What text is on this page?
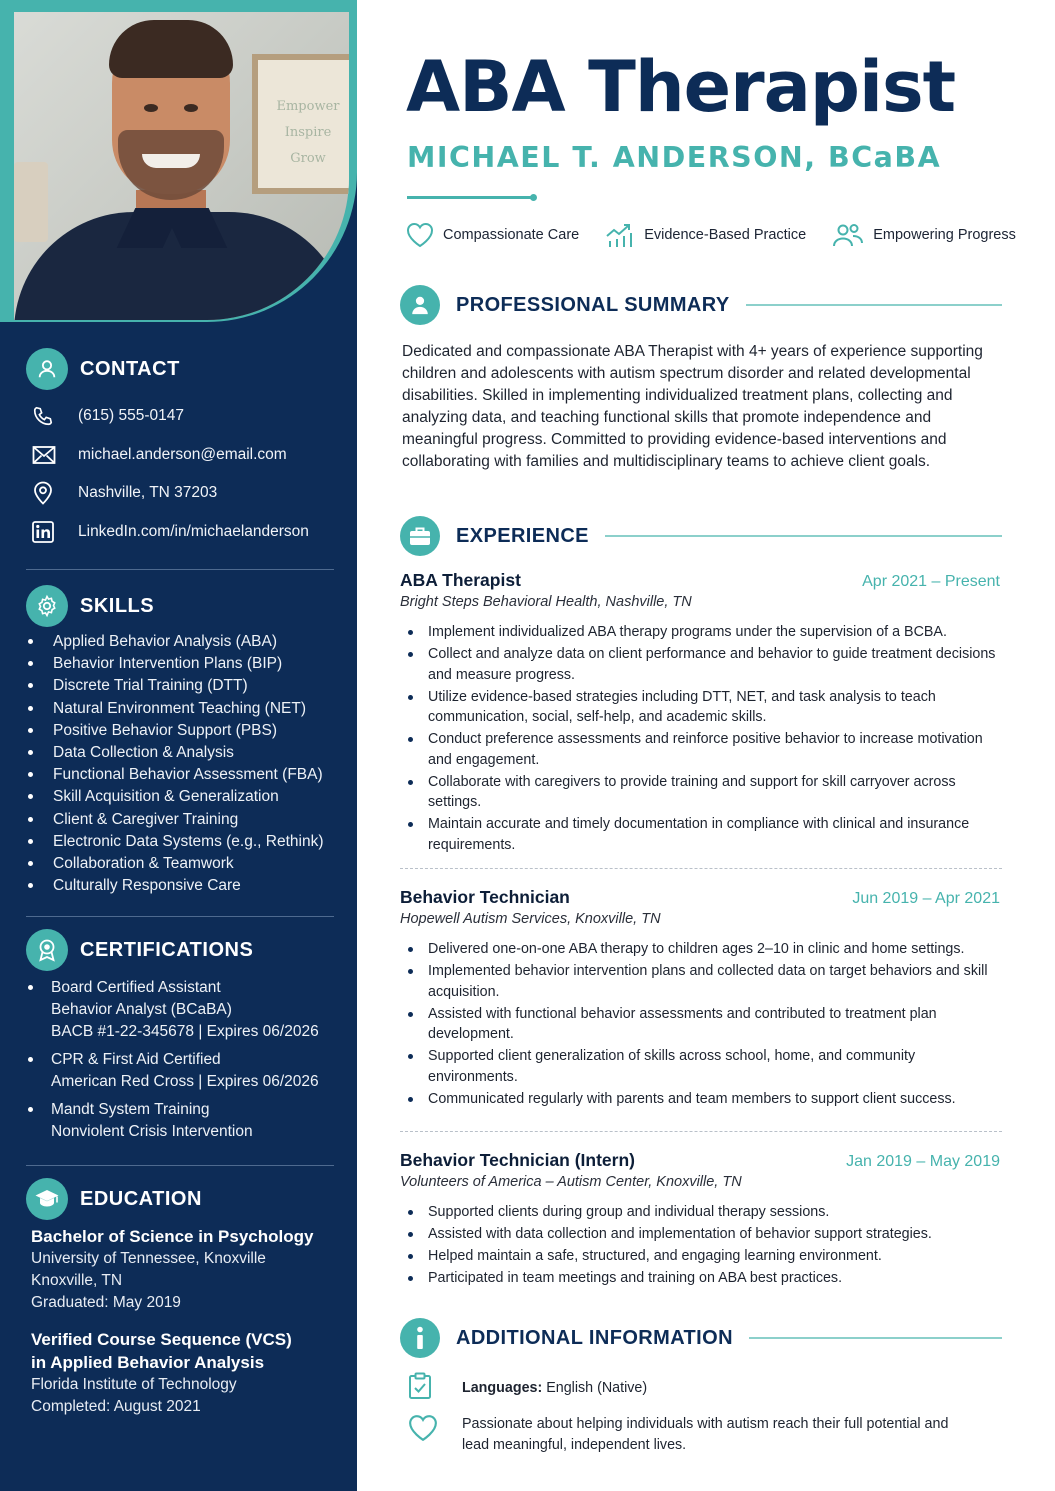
Empower
Inspire
Grow
CONTACT
(615) 555-0147
michael.anderson@email.com
Nashville, TN 37203
LinkedIn.com/in/michaelanderson
SKILLS
Applied Behavior Analysis (ABA)
Behavior Intervention Plans (BIP)
Discrete Trial Training (DTT)
Natural Environment Teaching (NET)
Positive Behavior Support (PBS)
Data Collection & Analysis
Functional Behavior Assessment (FBA)
Skill Acquisition & Generalization
Client & Caregiver Training
Electronic Data Systems (e.g., Rethink)
Collaboration & Teamwork
Culturally Responsive Care
CERTIFICATIONS
Board Certified Assistant
Behavior Analyst (BCaBA)
BACB #1-22-345678 | Expires 06/2026
CPR & First Aid Certified
American Red Cross | Expires 06/2026
Mandt System Training
Nonviolent Crisis Intervention
EDUCATION
Bachelor of Science in Psychology
University of Tennessee, Knoxville
Knoxville, TN
Graduated: May 2019
Verified Course Sequence (VCS)
in Applied Behavior Analysis
Florida Institute of Technology
Completed: August 2021
ABA Therapist
MICHAEL T. ANDERSON, BCaBA
Compassionate Care	Evidence-Based Practice	Empowering Progress
PROFESSIONAL SUMMARY

Dedicated and compassionate ABA Therapist with 4+ years of experience supporting children and adolescents with autism spectrum disorder and related developmental disabilities. Skilled in implementing individualized treatment plans, collecting and analyzing data, and teaching functional skills that promote independence and meaningful progress. Committed to providing evidence-based interventions and collaborating with families and multidisciplinary teams to achieve client goals.

EXPERIENCE
ABA Therapist	Apr 2021 – Present
Bright Steps Behavioral Health, Nashville, TN
Implement individualized ABA therapy programs under the supervision of a BCBA.
Collect and analyze data on client performance and behavior to guide treatment decisions and measure progress.
Utilize evidence-based strategies including DTT, NET, and task analysis to teach communication, social, self-help, and academic skills.
Conduct preference assessments and reinforce positive behavior to increase motivation and engagement.
Collaborate with caregivers to provide training and support for skill carryover across settings.
Maintain accurate and timely documentation in compliance with clinical and insurance requirements.
Behavior Technician	Jun 2019 – Apr 2021
Hopewell Autism Services, Knoxville, TN
Delivered one-on-one ABA therapy to children ages 2–10 in clinic and home settings.
Implemented behavior intervention plans and collected data on target behaviors and skill acquisition.
Assisted with functional behavior assessments and contributed to treatment plan development.
Supported client generalization of skills across school, home, and community environments.
Communicated regularly with parents and team members to support client success.
Behavior Technician (Intern)	Jan 2019 – May 2019
Volunteers of America – Autism Center, Knoxville, TN
Supported clients during group and individual therapy sessions.
Assisted with data collection and implementation of behavior support strategies.
Helped maintain a safe, structured, and engaging learning environment.
Participated in team meetings and training on ABA best practices.
ADDITIONAL INFORMATION
Languages: English (Native)
Passionate about helping individuals with autism reach their full potential and lead meaningful, independent lives.
